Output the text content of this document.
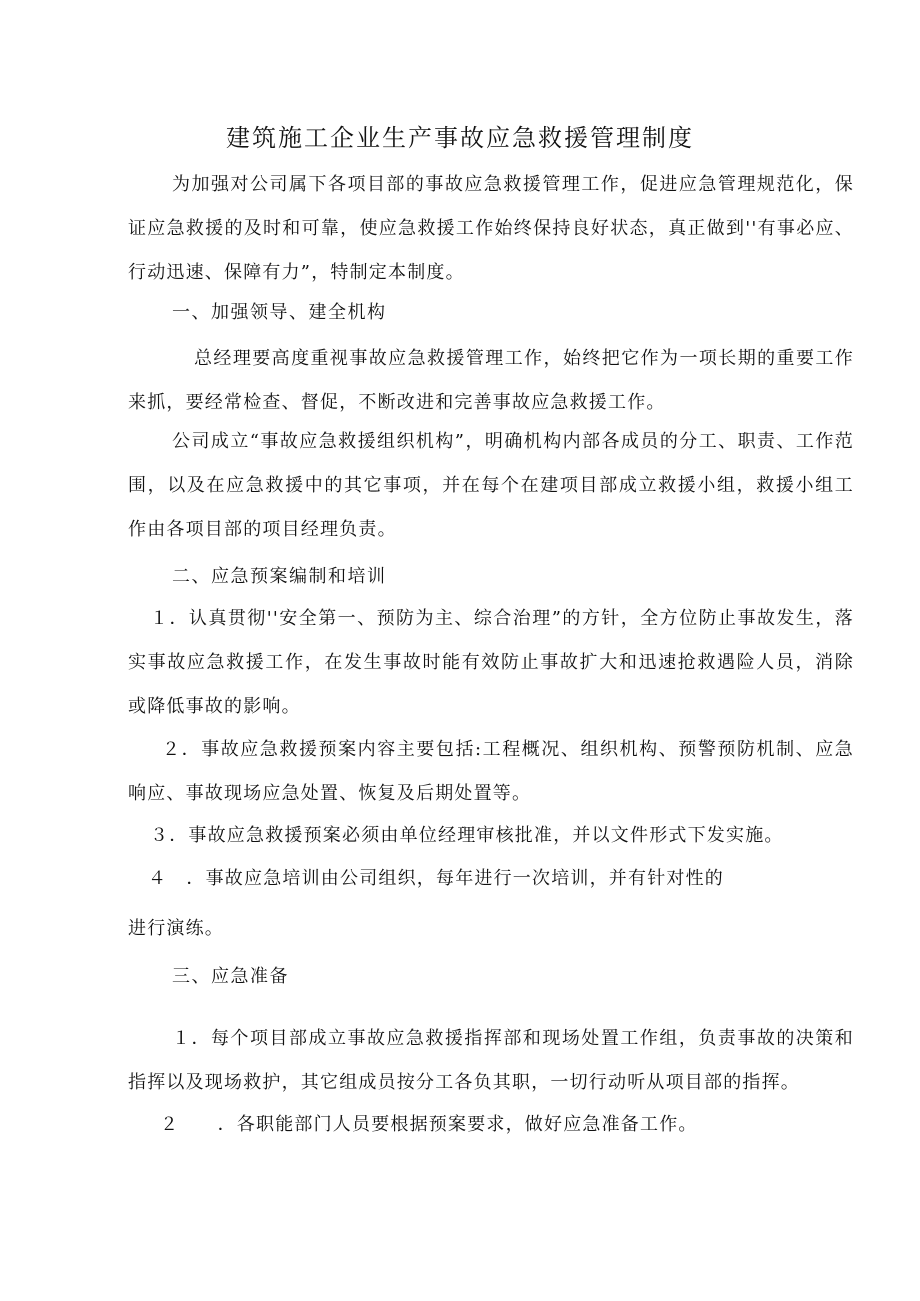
建筑施工企业生产事故应急救援管理制度
为加强对公司属下各项目部的事故应急救援管理工作，促进应急管理规范化，保证应急救援的及时和可靠，使应急救援工作始终保持良好状态，真正做到''有事必应、行动迅速、保障有力”，特制定本制度。
一、加强领导、建全机构
总经理要高度重视事故应急救援管理工作，始终把它作为一项长期的重要工作来抓，要经常检查、督促，不断改进和完善事故应急救援工作。
公司成立“事故应急救援组织机构”，明确机构内部各成员的分工、职责、工作范围，以及在应急救援中的其它事项，并在每个在建项目部成立救援小组，救援小组工作由各项目部的项目经理负责。
二、应急预案编制和培训
１．认真贯彻''安全第一、预防为主、综合治理”的方针，全方位防止事故发生，落实事故应急救援工作，在发生事故时能有效防止事故扩大和迅速抢救遇险人员，消除或降低事故的影响。
２．事故应急救援预案内容主要包括:工程概况、组织机构、预警预防机制、应急响应、事故现场应急处置、恢复及后期处置等。
３．事故应急救援预案必须由单位经理审核批准，并以文件形式下发实施。
４　．事故应急培训由公司组织，每年进行一次培训，并有针对性的
进行演练。
三、应急准备
１．每个项目部成立事故应急救援指挥部和现场处置工作组，负责事故的决策和指挥以及现场救护，其它组成员按分工各负其职，一切行动听从项目部的指挥。
２　　．各职能部门人员要根据预案要求，做好应急准备工作。
